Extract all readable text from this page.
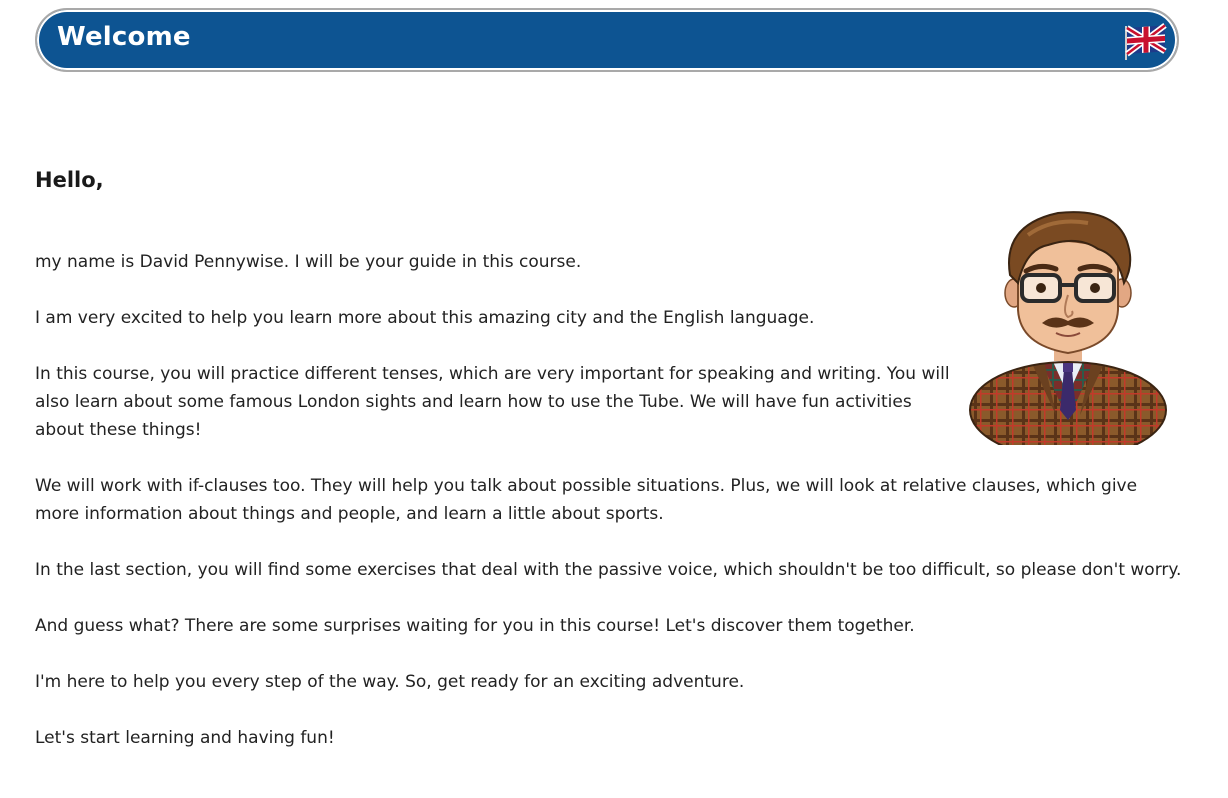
Welcome
Hello,

my name is David Pennywise. I will be your guide in this course.

I am very excited to help you learn more about this amazing city and the English language.

In this course, you will practice different tenses, which are very important for speaking and writing. You will also learn about some famous London sights and learn how to use the Tube. We will have fun activities about these things!

We will work with if-clauses too. They will help you talk about possible situations. Plus, we will look at relative clauses, which give more information about things and people, and learn a little about sports.

In the last section, you will find some exercises that deal with the passive voice, which shouldn't be too difficult, so please don't worry.

And guess what? There are some surprises waiting for you in this course! Let's discover them together.

I'm here to help you every step of the way. So, get ready for an exciting adventure.

Let's start learning and having fun!
